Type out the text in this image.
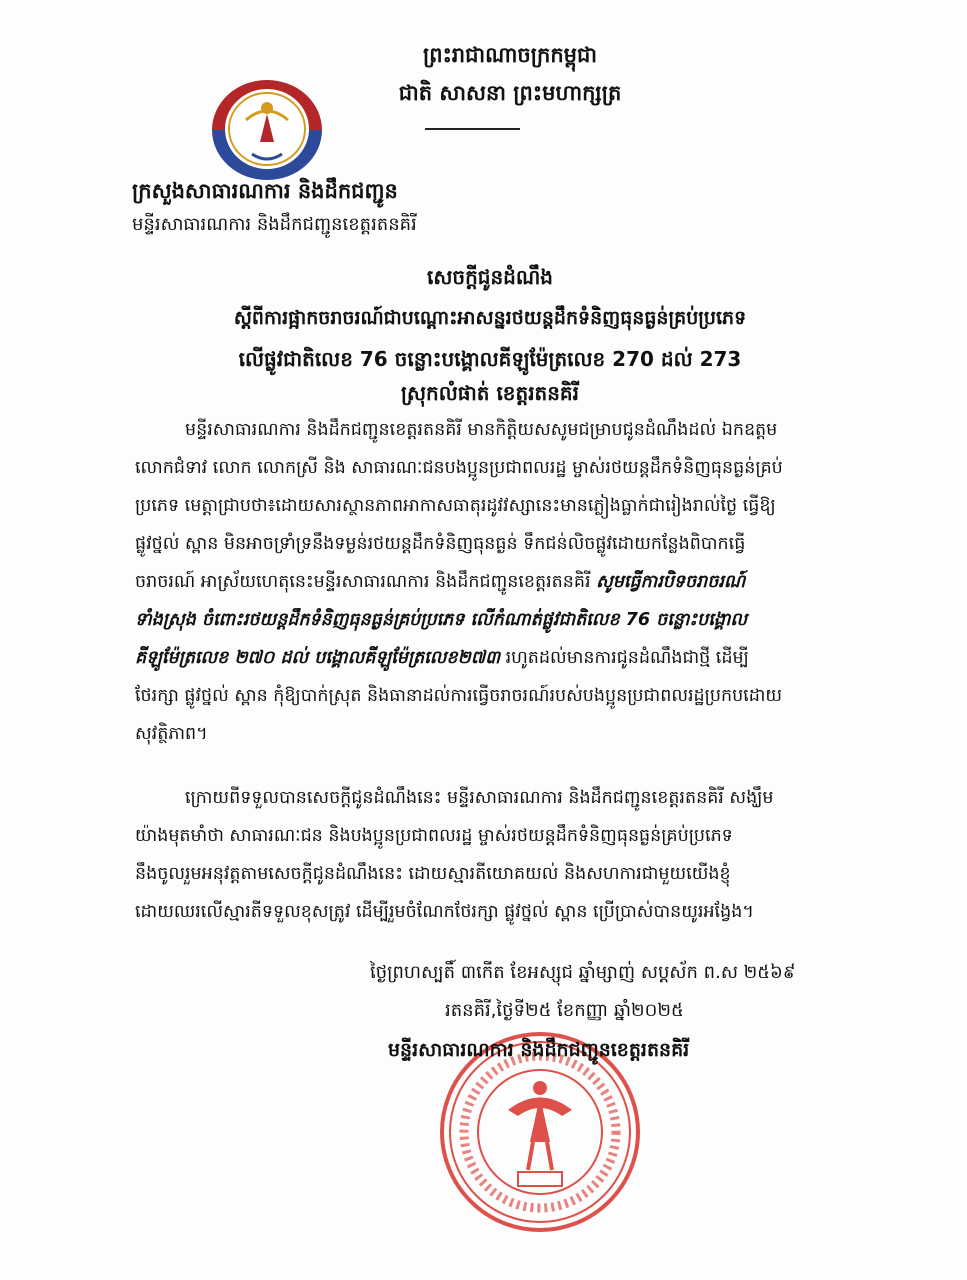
ព្រះរាជាណាចក្រកម្ពុជា
ជាតិ សាសនា ព្រះមហាក្សត្រ
ក្រសួងសាធារណការ និងដឹកជញ្ជូន
មន្ទីរសាធារណការ និងដឹកជញ្ជូនខេត្តរតនគិរី
សេចក្ដីជូនដំណឹង
ស្ដីពីការផ្អាកចរាចរណ៍ជាបណ្ដោះអាសន្នរថយន្តដឹកទំនិញធុនធ្ងន់គ្រប់ប្រភេទ
លើផ្លូវជាតិលេខ 76 ចន្លោះបង្គោលគីឡូម៉ែត្រលេខ 270 ដល់ 273
ស្រុកលំផាត់ ខេត្តរតនគិរី
មន្ទីរសាធារណការ និងដឹកជញ្ជូនខេត្តរតនគិរី មានកិត្តិយសសូមជម្រាបជូនដំណឹងដល់ ឯកឧត្តម
លោកជំទាវ លោក លោកស្រី និង សាធារណៈជនបងប្អូនប្រជាពលរដ្ឋ ម្ចាស់រថយន្តដឹកទំនិញធុនធ្ងន់គ្រប់
ប្រភេទ មេត្តាជ្រាបថា៖ដោយសារស្ថានភាពអាកាសធាតុរដូវវស្សានេះមានភ្លៀងធ្លាក់ជារៀងរាល់ថ្ងៃ ធ្វើឱ្យ
ផ្លូវថ្នល់ ស្ពាន មិនអាចទ្រាំទ្រនឹងទម្ងន់រថយន្តដឹកទំនិញធុនធ្ងន់ ទឹកជន់លិចផ្លូវដោយកន្លែងពិបាកធ្វើ
ចរាចរណ៍ អាស្រ័យហេតុនេះមន្ទីរសាធារណការ និងដឹកជញ្ជូនខេត្តរតនគិរី សូមធ្វើការបិទចរាចរណ៍
ទាំងស្រុង ចំពោះរថយន្តដឹកទំនិញធុនធ្ងន់គ្រប់ប្រភេទ លើកំណាត់ផ្លូវជាតិលេខ 76 ចន្លោះបង្គោល
គីឡូម៉ែត្រលេខ ២៧០ ដល់ បង្គោលគីឡូម៉ែត្រលេខ២៧៣ រហូតដល់មានការជូនដំណឹងជាថ្មី ដើម្បី
ថែរក្សា ផ្លូវថ្នល់ ស្ពាន កុំឱ្យបាក់ស្រុត និងធានាដល់ការធ្វើចរាចរណ៍របស់បងប្អូនប្រជាពលរដ្ឋប្រកបដោយ
សុវត្ថិភាព។
ក្រោយពីទទួលបានសេចក្ដីជូនដំណឹងនេះ មន្ទីរសាធារណការ និងដឹកជញ្ជូនខេត្តរតនគិរី សង្ឃឹម
យ៉ាងមុតមាំថា សាធារណៈជន និងបងប្អូនប្រជាពលរដ្ឋ ម្ចាស់រថយន្តដឹកទំនិញធុនធ្ងន់គ្រប់ប្រភេទ
នឹងចូលរួមអនុវត្តតាមសេចក្ដីជូនដំណឹងនេះ ដោយស្មារតីយោគយល់ និងសហការជាមួយយើងខ្ញុំ
ដោយឈរលើស្មារតីទទួលខុសត្រូវ ដើម្បីរួមចំណែកថែរក្សា ផ្លូវថ្នល់ ស្ពាន ប្រើប្រាស់បានយូរអង្វែង។
ថ្ងៃព្រហស្បតិ៍ ៣កើត ខែអស្សុជ ឆ្នាំម្សាញ់ សប្តស័ក ព.ស ២៥៦៩
រតនគិរី,ថ្ងៃទី២៥ ខែកញ្ញា ឆ្នាំ២០២៥
មន្ទីរសាធារណការ និងដឹកជញ្ជូនខេត្តរតនគិរី
